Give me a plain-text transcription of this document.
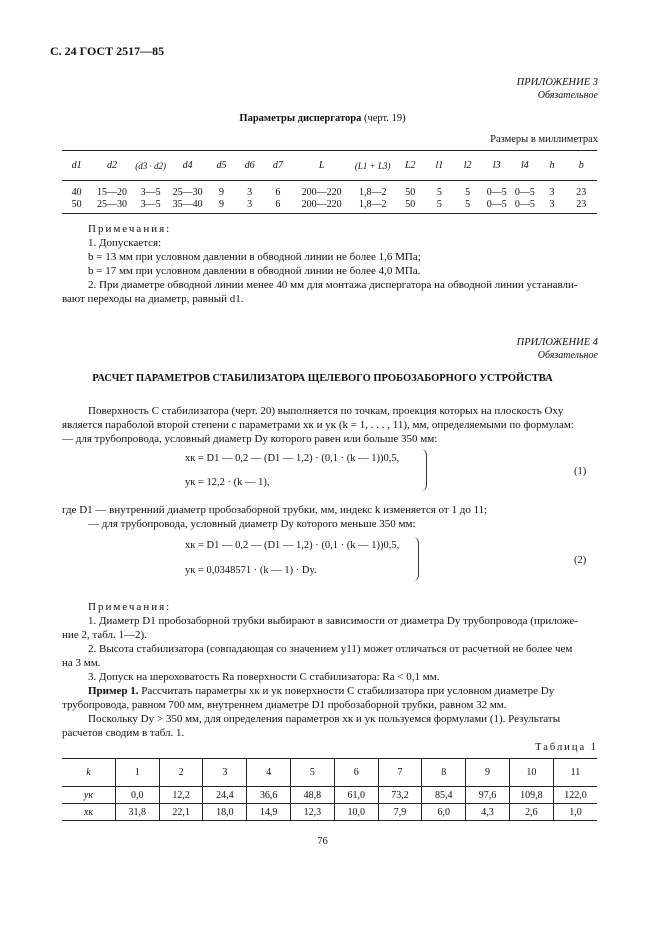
С. 24 ГОСТ 2517—85
ПРИЛОЖЕНИЕ 3
Обязательное
Параметры диспергатора (черт. 19)
Размеры в миллиметрах
d1	d2	(d3 · d2)	d4	d5	d6	d7	L	(L1 + L3)	L2	l1	l2	l3	l4	h	b

40	15—20	3—5	25—30	9	3	6	200—220	1,8—2	50	5	5	0—5	0—5	3	23
50	25—30	3—5	35—40	9	3	6	200—220	1,8—2	50	5	5	0—5	0—5	3	23
Примечания:
1. Допускается:
b = 13 мм при условном давлении в обводной линии не более 1,6 МПа;
b = 17 мм при условном давлении в обводной линии не более 4,0 МПа.
2. При диаметре обводной линии менее 40 мм для монтажа диспергатора на обводной линии устанавли-
вают переходы на диаметр, равный d1.
ПРИЛОЖЕНИЕ 4
Обязательное
РАСЧЕТ ПАРАМЕТРОВ СТАБИЛИЗАТОРА ЩЕЛЕВОГО ПРОБОЗАБОРНОГО УСТРОЙСТВА
Поверхность C стабилизатора (черт. 20) выполняется по точкам, проекция которых на плоскость Oxy
является параболой второй степени с параметрами xк и yк (k = 1, . . . , 11), мм, определяемыми по формулам:
— для трубопровода, условный диаметр Dy которого равен или больше 350 мм:
xк = D1 — 0,2 — (D1 — 1,2) · (0,1 · (k — 1))0,5,
yк = 12,2 · (k — 1),
(1)
где D1 — внутренний диаметр пробозаборной трубки, мм, индекс k изменяется от 1 до 11;
— для трубопровода, условный диаметр Dy которого меньше 350 мм:
xк = D1 — 0,2 — (D1 — 1,2) · (0,1 · (k — 1))0,5,
yк = 0,0348571 · (k — 1) · Dy.
(2)
Примечания:
1. Диаметр D1 пробозаборной трубки выбирают в зависимости от диаметра Dy трубопровода (приложе-
ние 2, табл. 1—2).
2. Высота стабилизатора (совпадающая со значением y11) может отличаться от расчетной не более чем
на 3 мм.
3. Допуск на шероховатость Ra поверхности C стабилизатора: Ra < 0,1 мм.
Пример 1. Рассчитать параметры xк и yк поверхности C стабилизатора при условном диаметре Dy
трубопровода, равном 700 мм, внутреннем диаметре D1 пробозаборной трубки, равном 32 мм.
Поскольку Dy > 350 мм, для определения параметров xк и yк пользуемся формулами (1). Результаты
расчетов сводим в табл. 1.
Таблица 1
k	1	2	3	4	5	6	7	8	9	10	11
yк	0,0	12,2	24,4	36,6	48,8	61,0	73,2	85,4	97,6	109,8	122,0
xк	31,8	22,1	18,0	14,9	12,3	10,0	7,9	6,0	4,3	2,6	1,0
76
